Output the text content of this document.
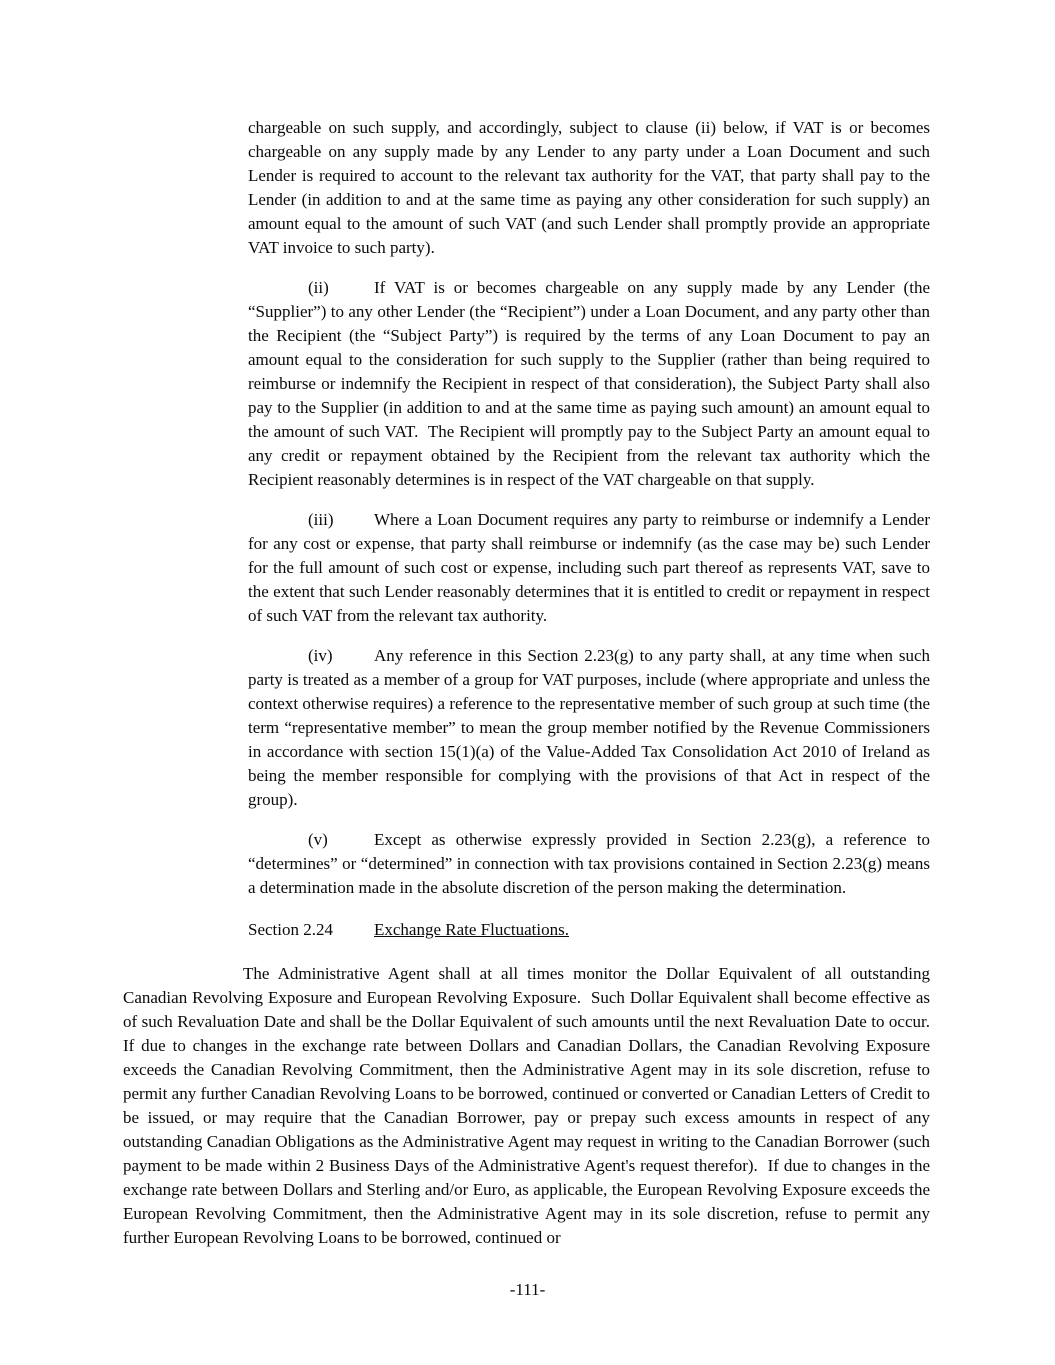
chargeable on such supply, and accordingly, subject to clause (ii) below, if VAT is or becomes chargeable on any supply made by any Lender to any party under a Loan Document and such Lender is required to account to the relevant tax authority for the VAT, that party shall pay to the Lender (in addition to and at the same time as paying any other consideration for such supply) an amount equal to the amount of such VAT (and such Lender shall promptly provide an appropriate VAT invoice to such party).

(ii)	If VAT is or becomes chargeable on any supply made by any Lender (the “Supplier”) to any other Lender (the “Recipient”) under a Loan Document, and any party other than the Recipient (the “Subject Party”) is required by the terms of any Loan Document to pay an amount equal to the consideration for such supply to the Supplier (rather than being required to reimburse or indemnify the Recipient in respect of that consideration), the Subject Party shall also pay to the Supplier (in addition to and at the same time as paying such amount) an amount equal to the amount of such VAT.  The Recipient will promptly pay to the Subject Party an amount equal to any credit or repayment obtained by the Recipient from the relevant tax authority which the Recipient reasonably determines is in respect of the VAT chargeable on that supply.

(iii) Where a Loan Document requires any party to reimburse or indemnify a Lender for any cost or expense, that party shall reimburse or indemnify (as the case may be) such Lender for the full amount of such cost or expense, including such part thereof as represents VAT, save to the extent that such Lender reasonably determines that it is entitled to credit or repayment in respect of such VAT from the relevant tax authority.

(iv) Any reference in this Section 2.23(g) to any party shall, at any time when such party is treated as a member of a group for VAT purposes, include (where appropriate and unless the context otherwise requires) a reference to the representative member of such group at such time (the term “representative member” to mean the group member notified by the Revenue Commissioners in accordance with section 15(1)(a) of the Value-Added Tax Consolidation Act 2010 of Ireland as being the member responsible for complying with the provisions of that Act in respect of the group).

(v)	Except as otherwise expressly provided in Section 2.23(g), a reference to “determines” or “determined” in connection with tax provisions contained in Section 2.23(g) means a determination made in the absolute discretion of the person making the determination.

Section 2.24 Exchange Rate Fluctuations.

The Administrative Agent shall at all times monitor the Dollar Equivalent of all outstanding Canadian Revolving Exposure and European Revolving Exposure.  Such Dollar Equivalent shall become effective as of such Revaluation Date and shall be the Dollar Equivalent of such amounts until the next Revaluation Date to occur.  If due to changes in the exchange rate between Dollars and Canadian Dollars, the Canadian Revolving Exposure exceeds the Canadian Revolving Commitment, then the Administrative Agent may in its sole discretion, refuse to permit any further Canadian Revolving Loans to be borrowed, continued or converted or Canadian Letters of Credit to be issued, or may require that the Canadian Borrower, pay or prepay such excess amounts in respect of any outstanding Canadian Obligations as the Administrative Agent may request in writing to the Canadian Borrower (such payment to be made within 2 Business Days of the Administrative Agent's request therefor).  If due to changes in the exchange rate between Dollars and Sterling and/or Euro, as applicable, the European Revolving Exposure exceeds the European Revolving Commitment, then the Administrative Agent may in its sole discretion, refuse to permit any further European Revolving Loans to be borrowed, continued or

-111-
